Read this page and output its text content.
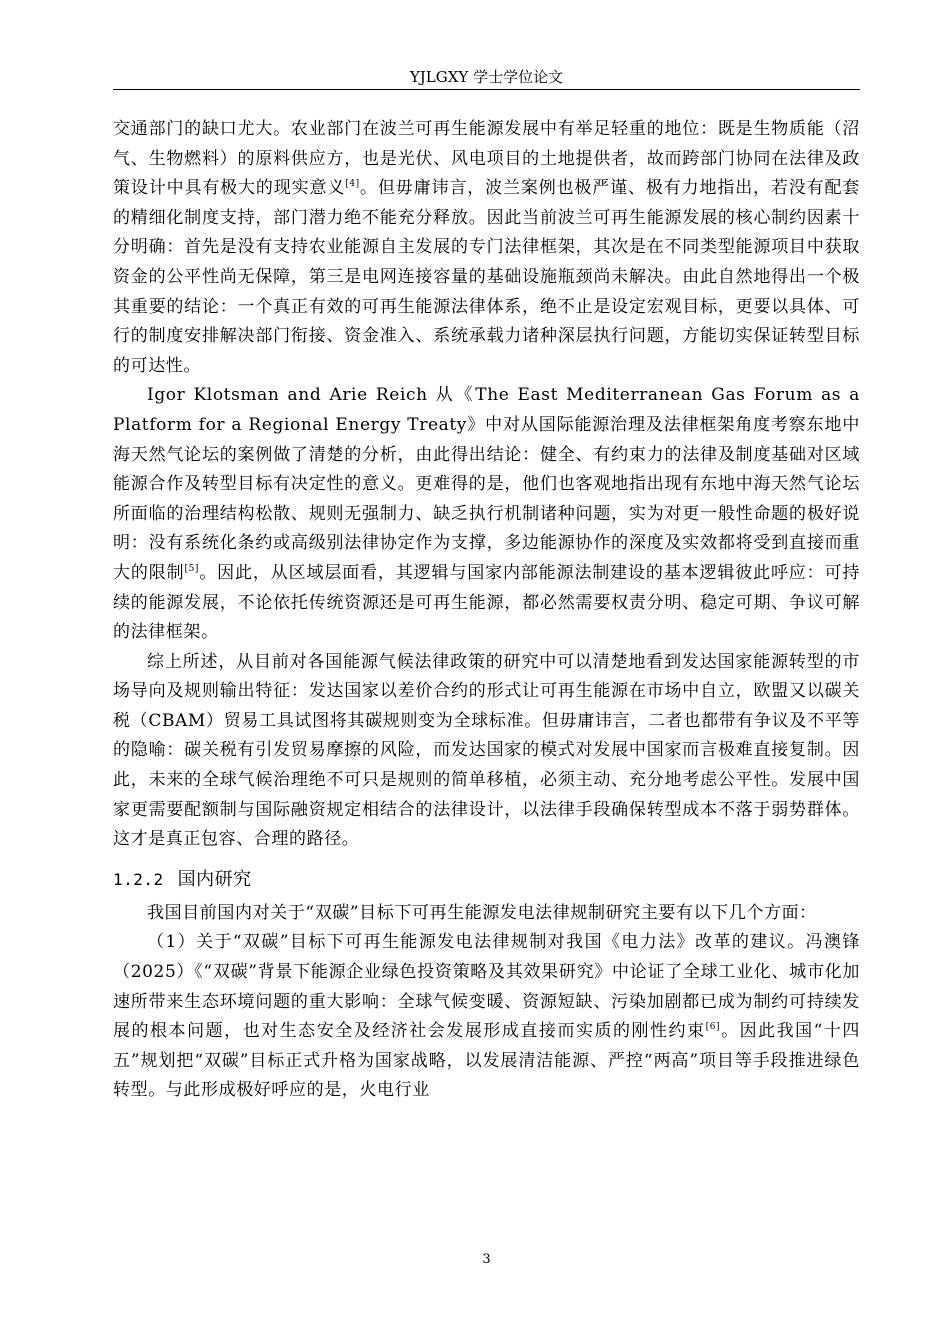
YJLGXY 学士学位论文

交通部门的缺口尤大。农业部门在波兰可再生能源发展中有举足轻重的地位：既是生物质能（沼气、生物燃料）的原料供应方，也是光伏、风电项目的土地提供者，故而跨部门协同在法律及政策设计中具有极大的现实意义[4]。但毋庸讳言，波兰案例也极严谨、极有力地指出，若没有配套的精细化制度支持，部门潜力绝不能充分释放。因此当前波兰可再生能源发展的核心制约因素十分明确：首先是没有支持农业能源自主发展的专门法律框架，其次是在不同类型能源项目中获取资金的公平性尚无保障，第三是电网连接容量的基础设施瓶颈尚未解决。由此自然地得出一个极其重要的结论：一个真正有效的可再生能源法律体系，绝不止是设定宏观目标，更要以具体、可行的制度安排解决部门衔接、资金准入、系统承载力诸种深层执行问题，方能切实保证转型目标的可达性。

Igor Klotsman and Arie Reich 从《The East Mediterranean Gas Forum as a Platform for a Regional Energy Treaty》中对从国际能源治理及法律框架角度考察东地中海天然气论坛的案例做了清楚的分析，由此得出结论：健全、有约束力的法律及制度基础对区域能源合作及转型目标有决定性的意义。更难得的是，他们也客观地指出现有东地中海天然气论坛所面临的治理结构松散、规则无强制力、缺乏执行机制诸种问题，实为对更一般性命题的极好说明：没有系统化条约或高级别法律协定作为支撑，多边能源协作的深度及实效都将受到直接而重大的限制[5]。因此，从区域层面看，其逻辑与国家内部能源法制建设的基本逻辑彼此呼应：可持续的能源发展，不论依托传统资源还是可再生能源，都必然需要权责分明、稳定可期、争议可解的法律框架。

综上所述，从目前对各国能源气候法律政策的研究中可以清楚地看到发达国家能源转型的市场导向及规则输出特征：发达国家以差价合约的形式让可再生能源在市场中自立，欧盟又以碳关税（CBAM）贸易工具试图将其碳规则变为全球标准。但毋庸讳言，二者也都带有争议及不平等的隐喻：碳关税有引发贸易摩擦的风险，而发达国家的模式对发展中国家而言极难直接复制。因此，未来的全球气候治理绝不可只是规则的简单移植，必须主动、充分地考虑公平性。发展中国家更需要配额制与国际融资规定相结合的法律设计，以法律手段确保转型成本不落于弱势群体。这才是真正包容、合理的路径。

1.2.2 国内研究

我国目前国内对关于“双碳”目标下可再生能源发电法律规制研究主要有以下几个方面：

（1）关于“双碳”目标下可再生能源发电法律规制对我国《电力法》改革的建议。冯澳锋（2025）《“双碳”背景下能源企业绿色投资策略及其效果研究》中论证了全球工业化、城市化加速所带来生态环境问题的重大影响：全球气候变暖、资源短缺、污染加剧都已成为制约可持续发展的根本问题，也对生态安全及经济社会发展形成直接而实质的刚性约束[6]。因此我国“十四五”规划把“双碳”目标正式升格为国家战略，以发展清洁能源、严控“两高”项目等手段推进绿色转型。与此形成极好呼应的是，火电行业

3
